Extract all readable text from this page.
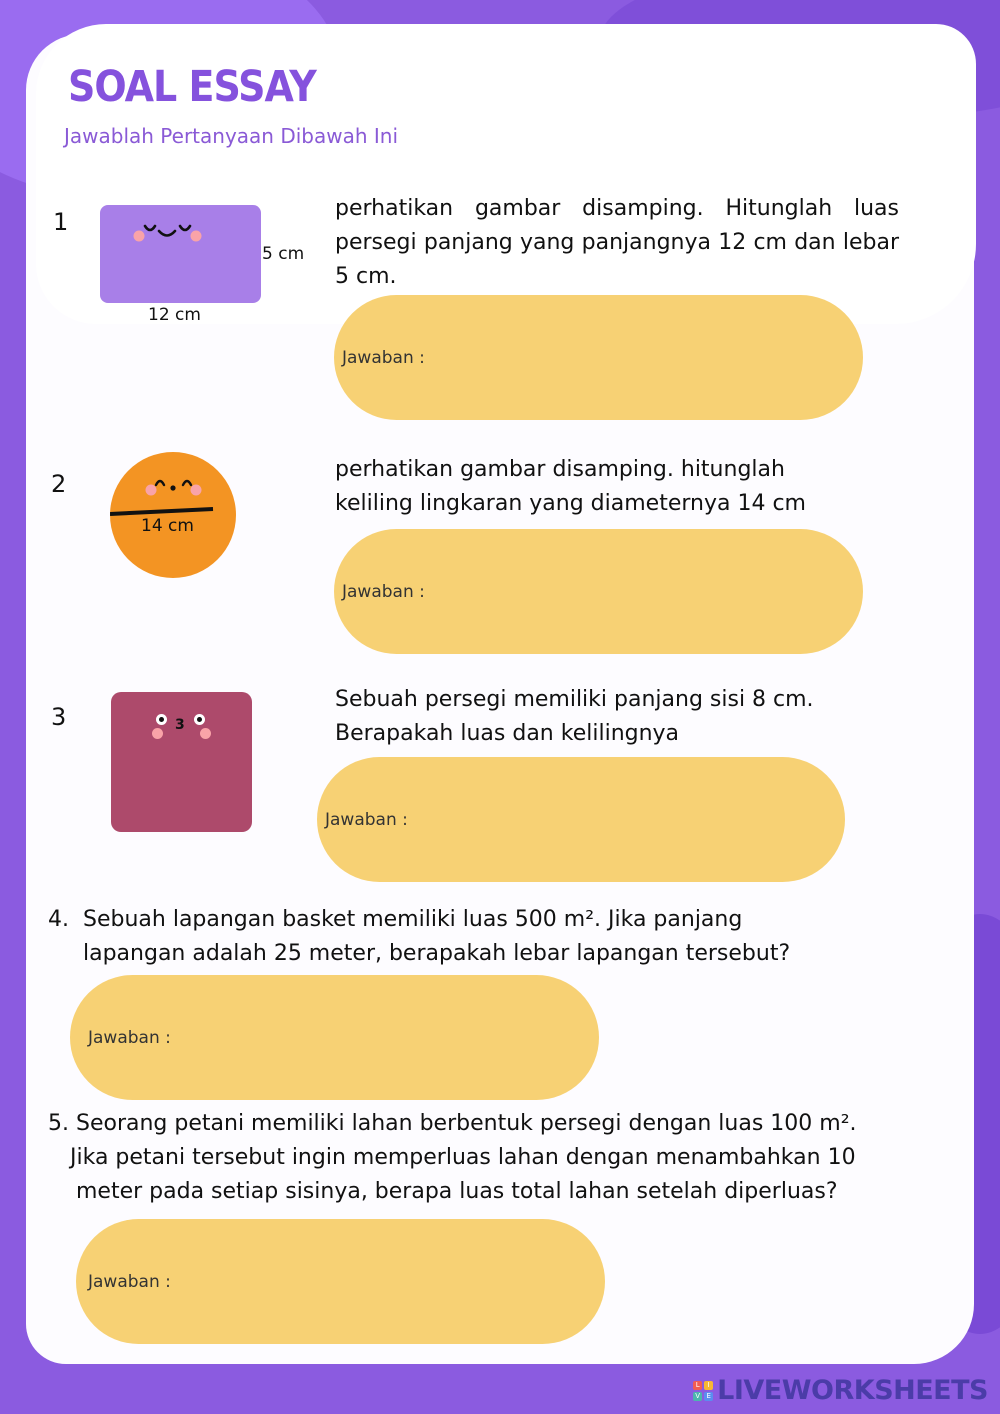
SOAL ESSAY
Jawablah Pertanyaan Dibawah Ini
1
5 cm
12 cm
perhatikan gambar disamping. Hitunglah luas persegi panjang yang panjangnya 12 cm dan lebar 5 cm.
Jawaban :
2
14 cm
perhatikan gambar disamping. hitunglah
keliling lingkaran yang diameternya 14 cm
Jawaban :
3	3
Sebuah persegi memiliki panjang sisi 8 cm.
Berapakah luas dan kelilingnya
Jawaban :
4. Sebuah lapangan basket memiliki luas 500 m². Jika panjang
lapangan adalah 25 meter, berapakah lebar lapangan tersebut?
Jawaban :
5. Seorang petani memiliki lahan berbentuk persegi dengan luas 100 m².
Jika petani tersebut ingin memperluas lahan dengan menambahkan 10
meter pada setiap sisinya, berapa luas total lahan setelah diperluas?
Jawaban :
L	I
V E LIVEWORKSHEETS
